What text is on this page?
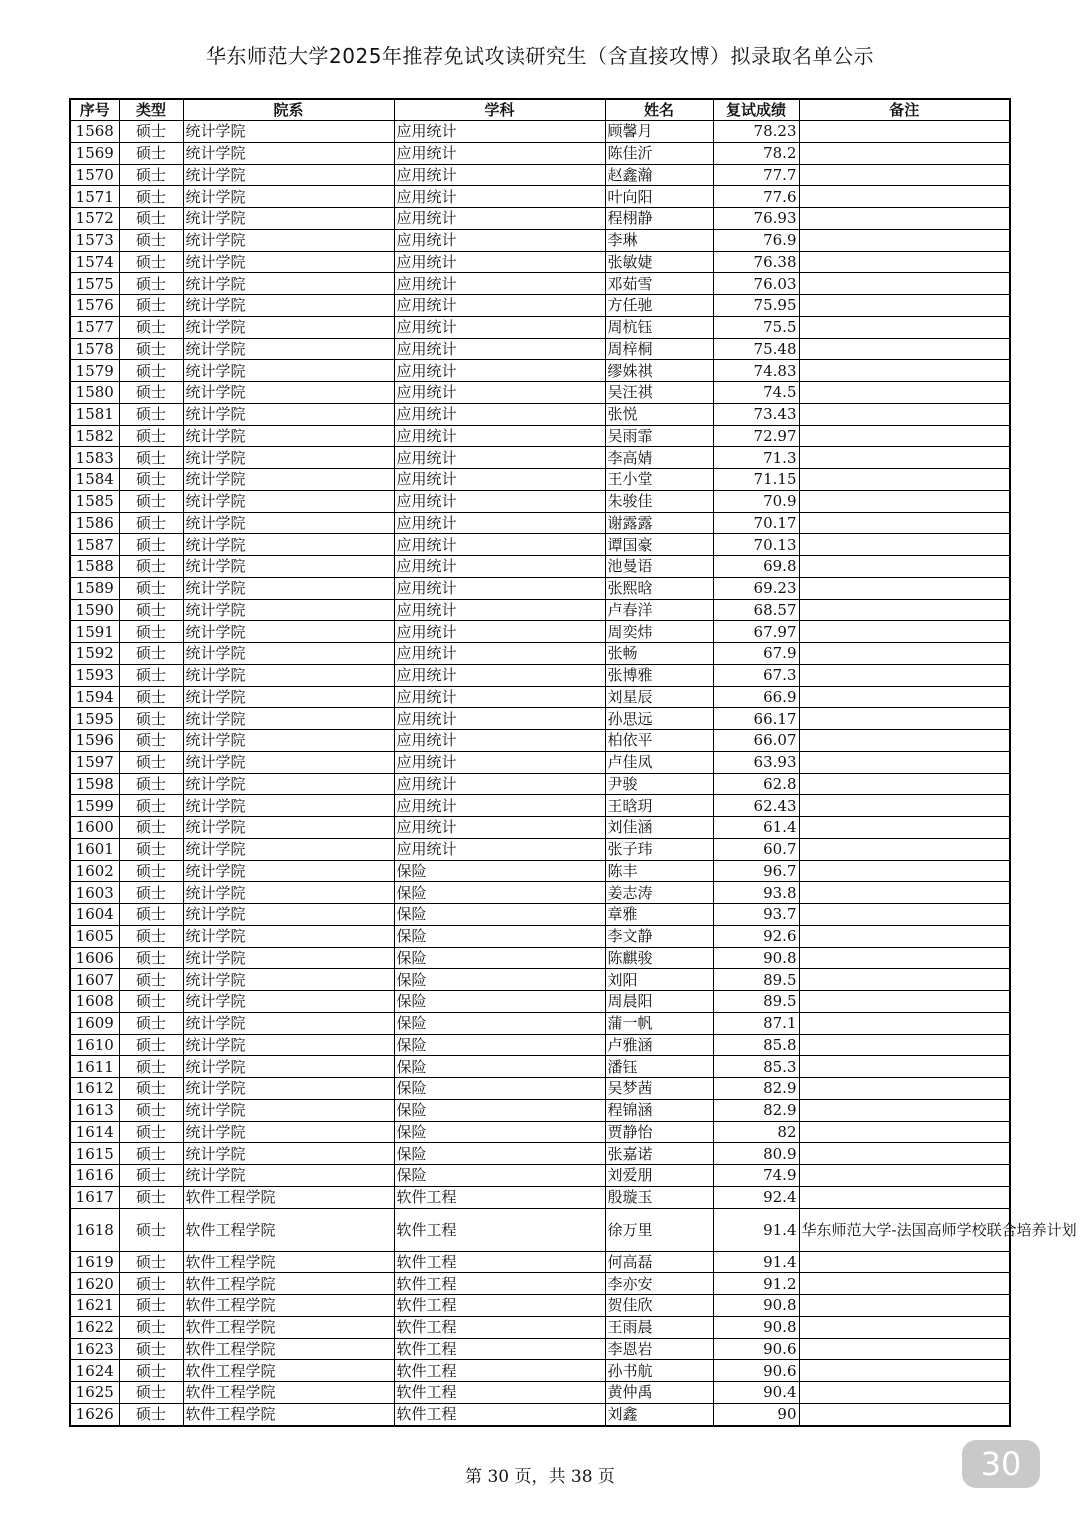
华东师范大学2025年推荐免试攻读研究生（含直接攻博）拟录取名单公示
序号	类型	院系	学科	姓名	复试成绩	备注
1568	硕士	统计学院	应用统计	顾馨月	78.23	
1569	硕士	统计学院	应用统计	陈佳沂	78.2	
1570	硕士	统计学院	应用统计	赵鑫瀚	77.7	
1571	硕士	统计学院	应用统计	叶向阳	77.6	
1572	硕士	统计学院	应用统计	程栩静	76.93	
1573	硕士	统计学院	应用统计	李琳	76.9	
1574	硕士	统计学院	应用统计	张敏婕	76.38	
1575	硕士	统计学院	应用统计	邓茹雪	76.03	
1576	硕士	统计学院	应用统计	方任驰	75.95	
1577	硕士	统计学院	应用统计	周杭钰	75.5	
1578	硕士	统计学院	应用统计	周梓桐	75.48	
1579	硕士	统计学院	应用统计	缪姝祺	74.83	
1580	硕士	统计学院	应用统计	吴汪祺	74.5	
1581	硕士	统计学院	应用统计	张悦	73.43	
1582	硕士	统计学院	应用统计	吴雨霏	72.97	
1583	硕士	统计学院	应用统计	李高婧	71.3	
1584	硕士	统计学院	应用统计	王小堂	71.15	
1585	硕士	统计学院	应用统计	朱骏佳	70.9	
1586	硕士	统计学院	应用统计	谢露露	70.17	
1587	硕士	统计学院	应用统计	谭国豪	70.13	
1588	硕士	统计学院	应用统计	池曼语	69.8	
1589	硕士	统计学院	应用统计	张熙晗	69.23	
1590	硕士	统计学院	应用统计	卢春洋	68.57	
1591	硕士	统计学院	应用统计	周奕炜	67.97	
1592	硕士	统计学院	应用统计	张畅	67.9	
1593	硕士	统计学院	应用统计	张博雅	67.3	
1594	硕士	统计学院	应用统计	刘星辰	66.9	
1595	硕士	统计学院	应用统计	孙思远	66.17	
1596	硕士	统计学院	应用统计	柏依平	66.07	
1597	硕士	统计学院	应用统计	卢佳凤	63.93	
1598	硕士	统计学院	应用统计	尹骏	62.8	
1599	硕士	统计学院	应用统计	王晗玥	62.43	
1600	硕士	统计学院	应用统计	刘佳涵	61.4	
1601	硕士	统计学院	应用统计	张子玮	60.7	
1602	硕士	统计学院	保险	陈丰	96.7	
1603	硕士	统计学院	保险	姜志涛	93.8	
1604	硕士	统计学院	保险	章雅	93.7	
1605	硕士	统计学院	保险	李文静	92.6	
1606	硕士	统计学院	保险	陈麒骏	90.8	
1607	硕士	统计学院	保险	刘阳	89.5	
1608	硕士	统计学院	保险	周晨阳	89.5	
1609	硕士	统计学院	保险	蒲一帆	87.1	
1610	硕士	统计学院	保险	卢雅涵	85.8	
1611	硕士	统计学院	保险	潘钰	85.3	
1612	硕士	统计学院	保险	吴梦茜	82.9	
1613	硕士	统计学院	保险	程锦涵	82.9	
1614	硕士	统计学院	保险	贾静怡	82	
1615	硕士	统计学院	保险	张嘉诺	80.9	
1616	硕士	统计学院	保险	刘爱朋	74.9	
1617	硕士	软件工程学院	软件工程	殷璇玉	92.4	
1618	硕士	软件工程学院	软件工程	徐万里	91.4	华东师范大学-法国高师学校联合培养计划
1619	硕士	软件工程学院	软件工程	何高磊	91.4	
1620	硕士	软件工程学院	软件工程	李亦安	91.2	
1621	硕士	软件工程学院	软件工程	贺佳欣	90.8	
1622	硕士	软件工程学院	软件工程	王雨晨	90.8	
1623	硕士	软件工程学院	软件工程	李恩岩	90.6	
1624	硕士	软件工程学院	软件工程	孙书航	90.6	
1625	硕士	软件工程学院	软件工程	黄仲禹	90.4	
1626	硕士	软件工程学院	软件工程	刘鑫	90	
第 30 页，共 38 页	30
